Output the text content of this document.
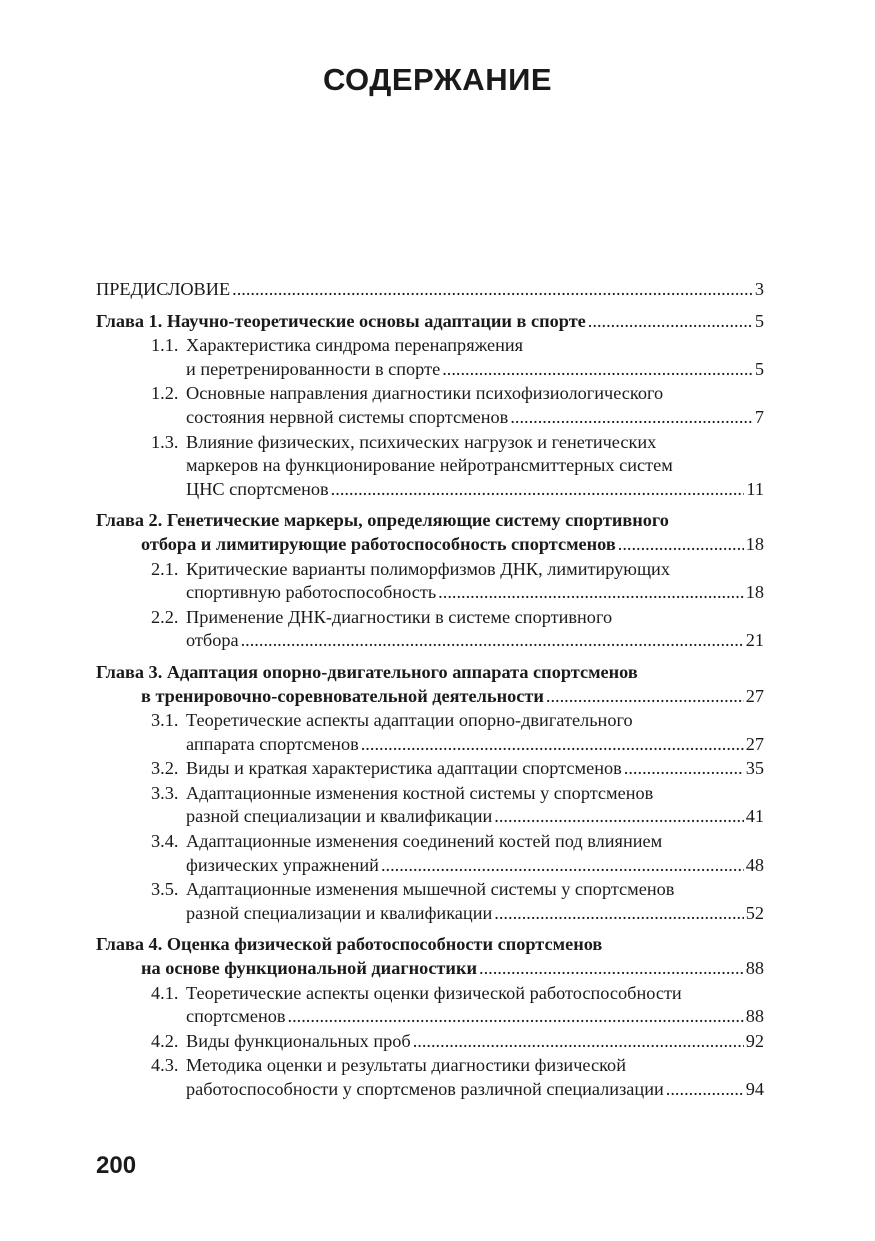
СОДЕРЖАНИЕ
ПРЕДИСЛОВИЕ .....	3
Глава 1. Научно-теоретические основы адаптации в спорте .....	5
1.1. Характеристика синдрома перенапряжения
и перетренированности в спорте .....	5
1.2. Основные направления диагностики психофизиологического
состояния нервной системы спортсменов .....	7
1.3. Влияние физических, психических нагрузок и генетических
маркеров на функционирование нейротрансмиттерных систем
ЦНС спортсменов .....	11
Глава 2. Генетические маркеры, определяющие систему спортивного
отбора и лимитирующие работоспособность спортсменов .....	18
2.1. Критические варианты полиморфизмов ДНК, лимитирующих
спортивную работоспособность .....	18
2.2. Применение ДНК-диагностики в системе спортивного
отбора .....	21
Глава 3. Адаптация опорно-двигательного аппарата спортсменов
в тренировочно-соревновательной деятельности .....	27
3.1. Теоретические аспекты адаптации опорно-двигательного
аппарата спортсменов .....	27
3.2. Виды и краткая характеристика адаптации спортсменов .....	35
3.3. Адаптационные изменения костной системы у спортсменов
разной специализации и квалификации .....	41
3.4. Адаптационные изменения соединений костей под влиянием
физических упражнений .....	48
3.5. Адаптационные изменения мышечной системы у спортсменов
разной специализации и квалификации .....	52
Глава 4. Оценка физической работоспособности спортсменов
на основе функциональной диагностики .....	88
4.1. Теоретические аспекты оценки физической работоспособности
спортсменов .....	88
4.2. Виды функциональных проб .....	92
4.3. Методика оценки и результаты диагностики физической
работоспособности у спортсменов различной специализации .....	94
200
